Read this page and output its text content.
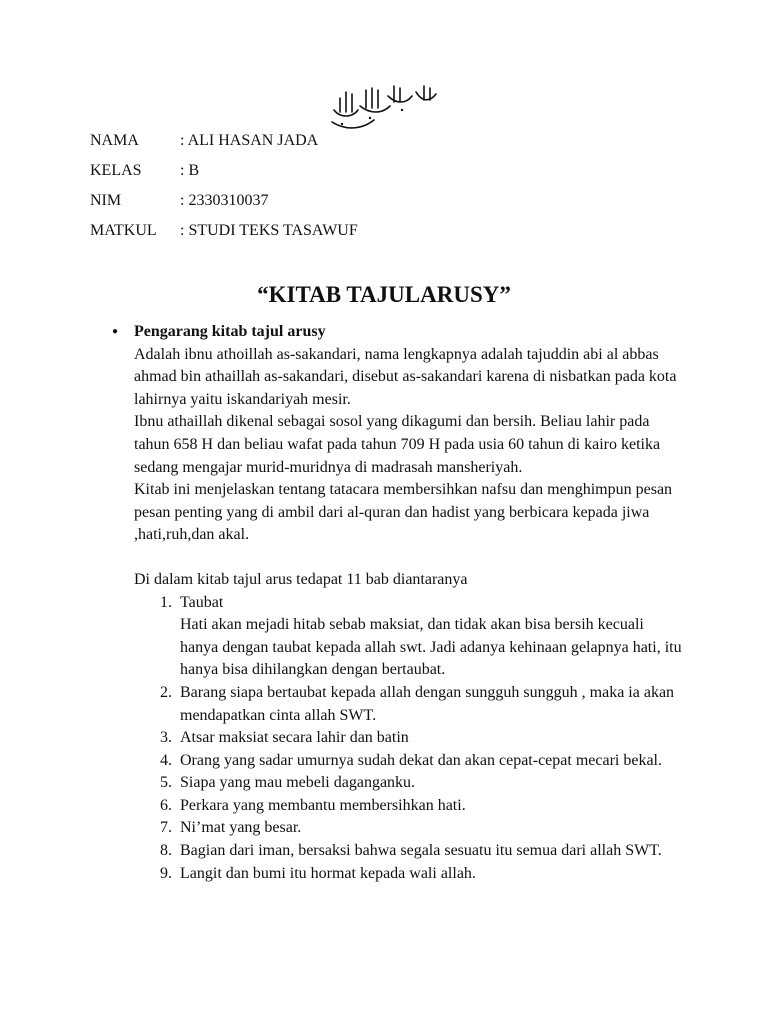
NAMA	: ALI HASAN JADA
KELAS	: B
NIM	: 2330310037
MATKUL	: STUDI TEKS TASAWUF
“KITAB TAJULARUSY”
● Pengarang kitab tajul arusy

Adalah ibnu athoillah as-sakandari, nama lengkapnya adalah tajuddin abi al abbas ahmad bin athaillah as-sakandari, disebut as-sakandari karena di nisbatkan pada kota lahirnya yaitu iskandariyah mesir.

Ibnu athaillah dikenal sebagai sosol yang dikagumi dan bersih. Beliau lahir pada tahun 658 H dan beliau wafat pada tahun 709 H pada usia 60 tahun di kairo ketika sedang mengajar murid-muridnya di madrasah mansheriyah.

Kitab ini menjelaskan tentang tatacara membersihkan nafsu dan menghimpun pesan pesan penting yang di ambil dari al-quran dan hadist yang berbicara kepada jiwa ,hati,ruh,dan akal.

Di dalam kitab tajul arus tedapat 11 bab diantaranya

1. Taubat
Hati akan mejadi hitab sebab maksiat, dan tidak akan bisa bersih kecuali hanya dengan taubat kepada allah swt. Jadi adanya kehinaan gelapnya hati, itu hanya bisa dihilangkan dengan bertaubat.
2. Barang siapa bertaubat kepada allah dengan sungguh sungguh , maka ia akan mendapatkan cinta allah SWT.
3. Atsar maksiat secara lahir dan batin
4. Orang yang sadar umurnya sudah dekat dan akan cepat-cepat mecari bekal.
5. Siapa yang mau mebeli daganganku.
6. Perkara yang membantu membersihkan hati.
7. Ni’mat yang besar.
8. Bagian dari iman, bersaksi bahwa segala sesuatu itu semua dari allah SWT.
9. Langit dan bumi itu hormat kepada wali allah.
